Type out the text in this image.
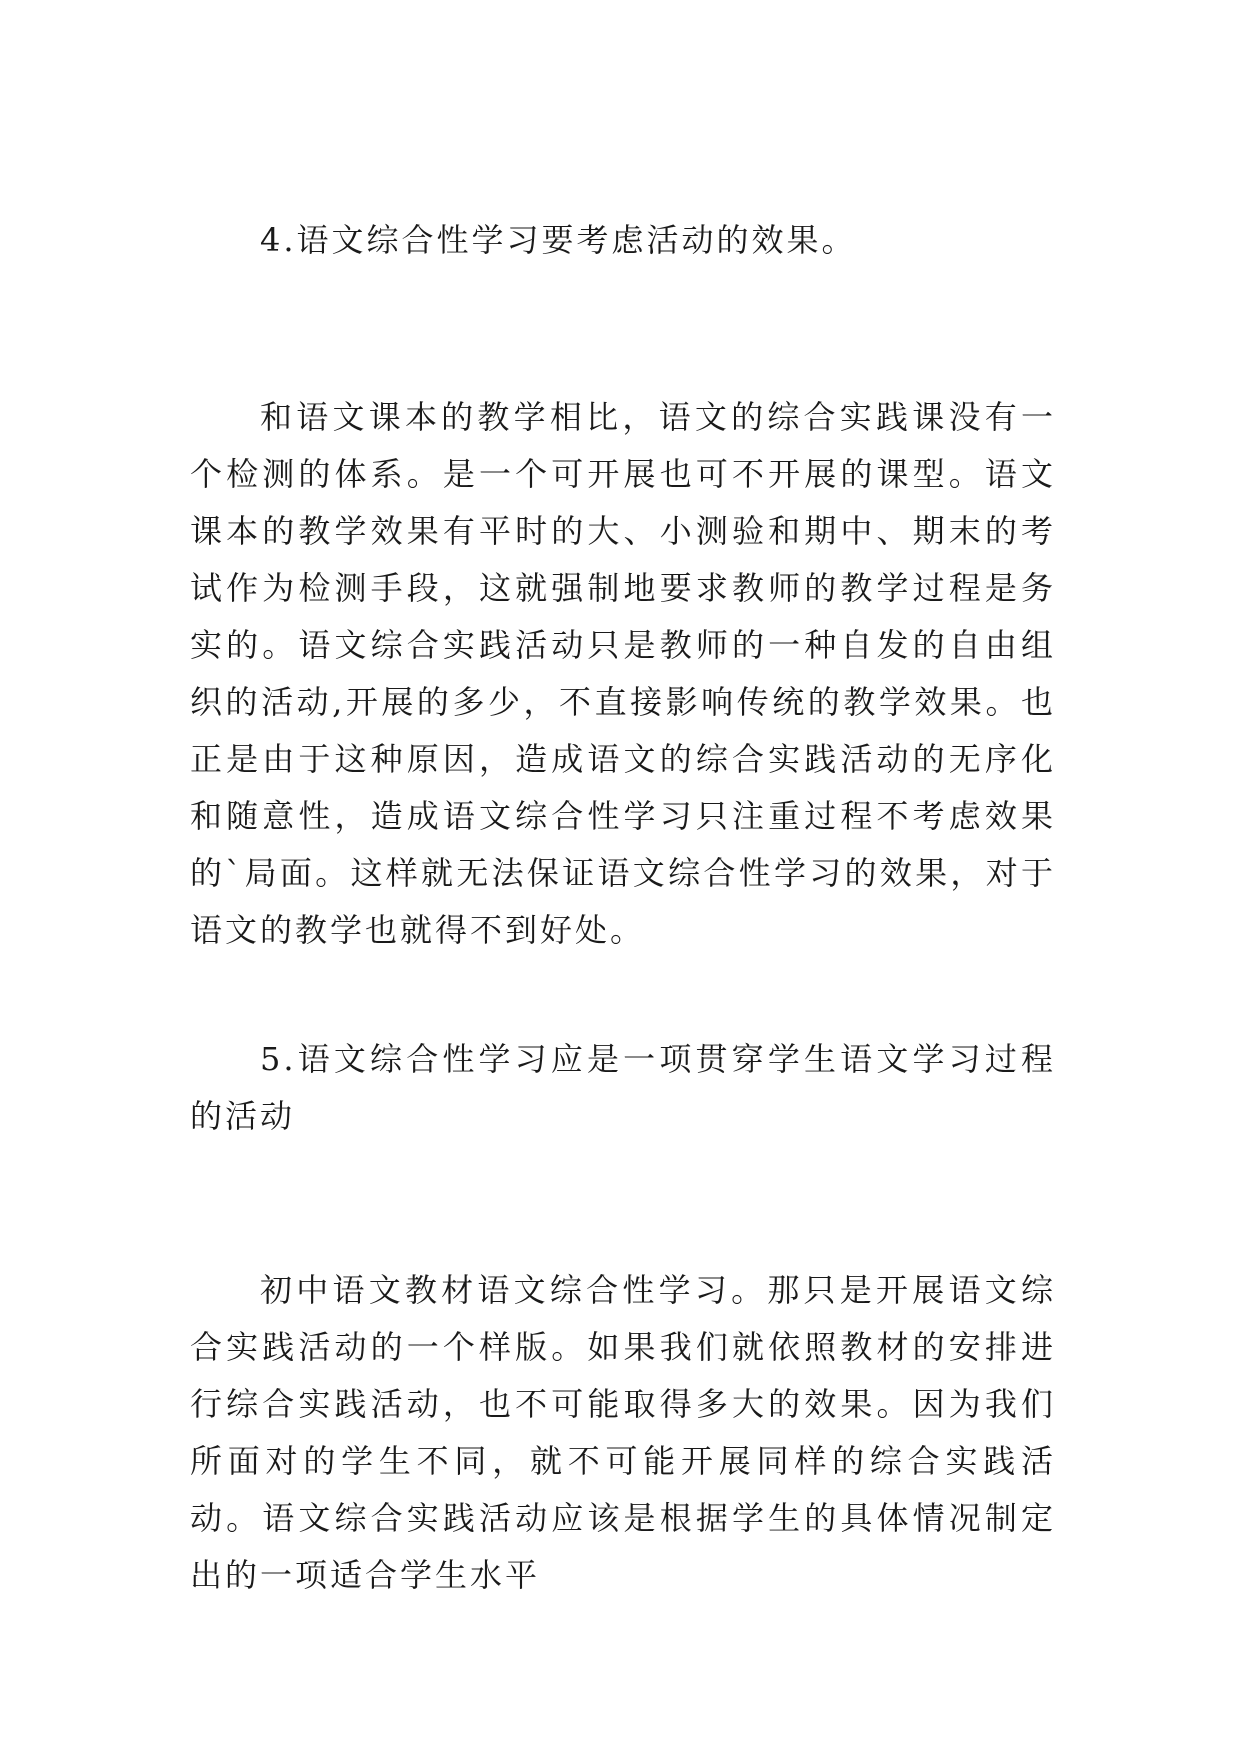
4.语文综合性学习要考虑活动的效果。

和语文课本的教学相比，语文的综合实践课没有一个检测的体系。是一个可开展也可不开展的课型。语文课本的教学效果有平时的大、小测验和期中、期末的考试作为检测手段，这就强制地要求教师的教学过程是务实的。语文综合实践活动只是教师的一种自发的自由组织的活动,开展的多少，不直接影响传统的教学效果。也正是由于这种原因，造成语文的综合实践活动的无序化和随意性，造成语文综合性学习只注重过程不考虑效果的`局面。这样就无法保证语文综合性学习的效果，对于语文的教学也就得不到好处。

5.语文综合性学习应是一项贯穿学生语文学习过程的活动

初中语文教材语文综合性学习。那只是开展语文综合实践活动的一个样版。如果我们就依照教材的安排进行综合实践活动，也不可能取得多大的效果。因为我们所面对的学生不同，就不可能开展同样的综合实践活动。语文综合实践活动应该是根据学生的具体情况制定出的一项适合学生水平
